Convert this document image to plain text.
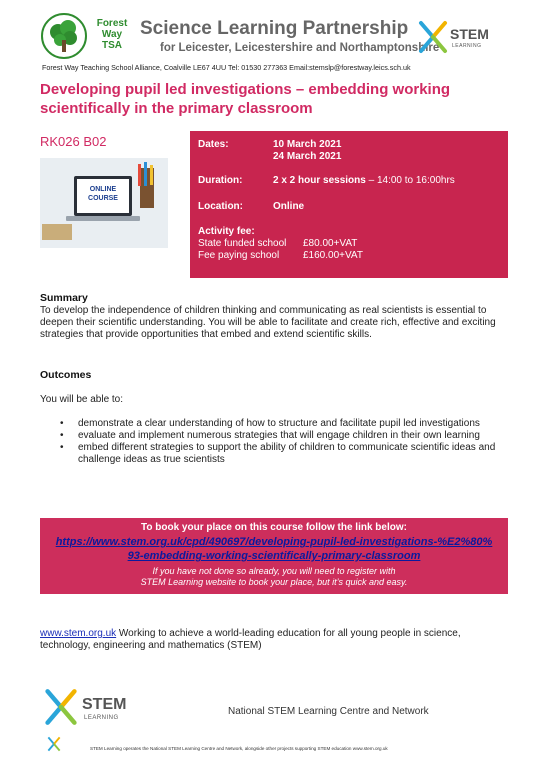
Forest
Way
TSA
Science Learning Partnership
for Leicester, Leicestershire and Northamptonshire
STEM
LEARNING
Forest Way Teaching School Alliance, Coalville LE67 4UU Tel: 01530 277363 Email:stemslp@forestway.leics.sch.uk
Developing pupil led investigations – embedding working scientifically in the primary classroom
RK026 B02
ONLINE
COURSE
Dates:	10 March 2021
24 March 2021
Duration:	2 x 2 hour sessions – 14:00 to 16:00hrs
Location:	Online
Activity fee:
State funded school £80.00+VAT
Fee paying school £160.00+VAT
Summary
To develop the independence of children thinking and communicating as real scientists is essential to deepen their scientific understanding. You will be able to facilitate and create rich, effective and exciting strategies that provide opportunities that embed and extend scientific skills.
Outcomes
You will be able to:
• demonstrate a clear understanding of how to structure and facilitate pupil led investigations
• evaluate and implement numerous strategies that will engage children in their own learning
• embed different strategies to support the ability of children to communicate scientific ideas and challenge ideas as true scientists
To book your place on this course follow the link below:
https://www.stem.org.uk/cpd/490697/developing-pupil-led-investigations-%E2%80%93-embedding-working-scientifically-primary-classroom
If you have not done so already, you will need to register with
STEM Learning website to book your place, but it’s quick and easy.
www.stem.org.uk Working to achieve a world-leading education for all young people in science, technology, engineering and mathematics (STEM)
STEM
LEARNING
National STEM Learning Centre and Network
STEM Learning operates the National STEM Learning Centre and Network, alongside other projects supporting STEM education www.stem.org.uk
